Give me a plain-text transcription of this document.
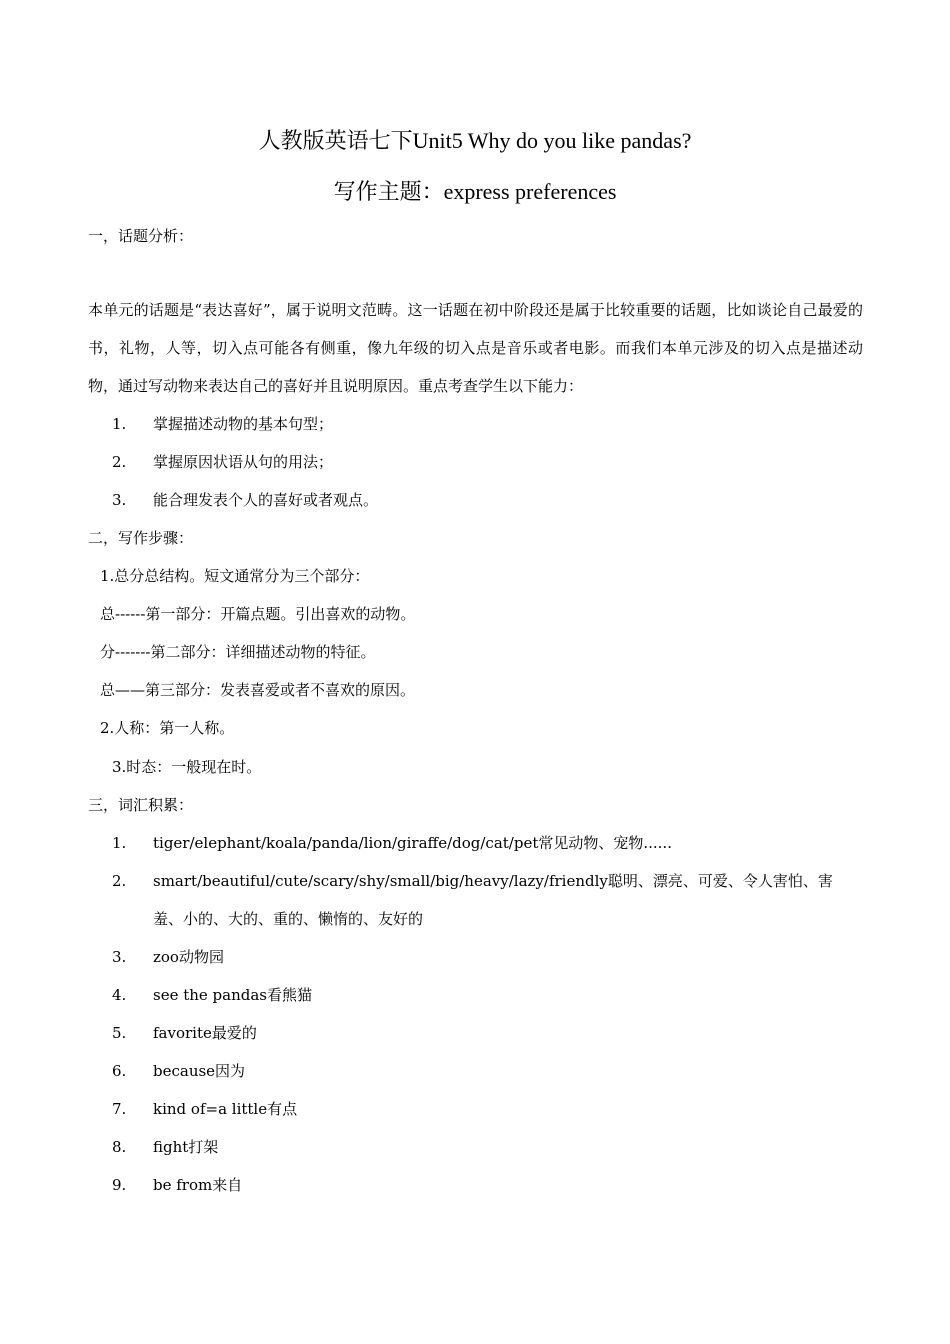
人教版英语七下Unit5 Why do you like pandas?
写作主题：express preferences
一，话题分析：
本单元的话题是“表达喜好”，属于说明文范畴。这一话题在初中阶段还是属于比较重要的话题，比如谈论自己最爱的书，礼物，人等，切入点可能各有侧重，像九年级的切入点是音乐或者电影。而我们本单元涉及的切入点是描述动物，通过写动物来表达自己的喜好并且说明原因。重点考查学生以下能力：
1. 掌握描述动物的基本句型；
2. 掌握原因状语从句的用法；
3. 能合理发表个人的喜好或者观点。
二，写作步骤：
1.总分总结构。短文通常分为三个部分：
总------第一部分：开篇点题。引出喜欢的动物。
分-------第二部分：详细描述动物的特征。
总——第三部分：发表喜爱或者不喜欢的原因。
2.人称：第一人称。
3.时态：一般现在时。
三，词汇积累：
1. tiger/elephant/koala/panda/lion/giraffe/dog/cat/pet常见动物、宠物......
2. smart/beautiful/cute/scary/shy/small/big/heavy/lazy/friendly聪明、漂亮、可爱、令人害怕、害羞、小的、大的、重的、懒惰的、友好的
3. zoo动物园
4. see the pandas看熊猫
5. favorite最爱的
6. because因为
7. kind of=a little有点
8. fight打架
9. be from来自
